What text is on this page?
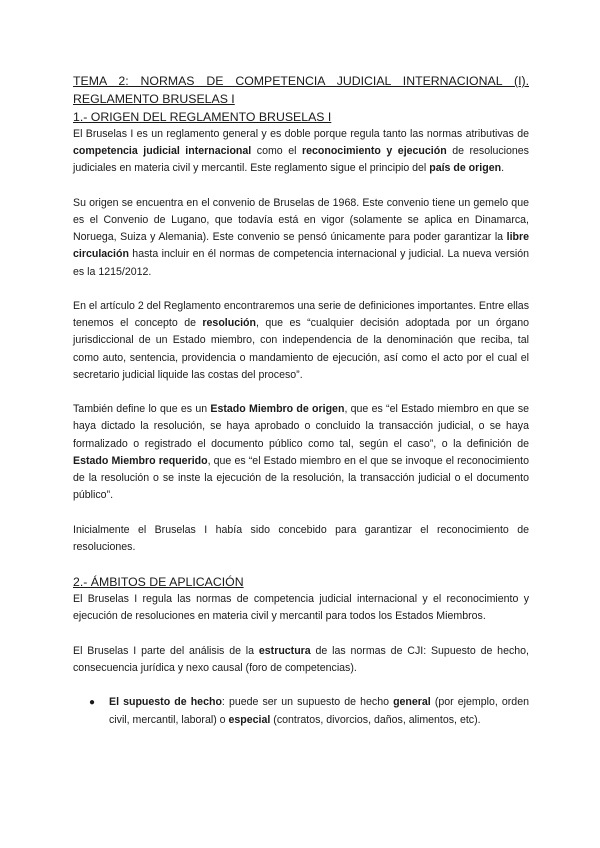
TEMA 2: NORMAS DE COMPETENCIA JUDICIAL INTERNACIONAL (I).
REGLAMENTO BRUSELAS I
1.- ORIGEN DEL REGLAMENTO BRUSELAS I

El Bruselas I es un reglamento general y es doble porque regula tanto las normas atributivas de competencia judicial internacional como el reconocimiento y ejecución de resoluciones judiciales en materia civil y mercantil. Este reglamento sigue el principio del país de origen.

Su origen se encuentra en el convenio de Bruselas de 1968. Este convenio tiene un gemelo que es el Convenio de Lugano, que todavía está en vigor (solamente se aplica en Dinamarca, Noruega, Suiza y Alemania). Este convenio se pensó únicamente para poder garantizar la libre circulación hasta incluir en él normas de competencia internacional y judicial. La nueva versión es la 1215/2012.

En el artículo 2 del Reglamento encontraremos una serie de definiciones importantes. Entre ellas tenemos el concepto de resolución, que es “cualquier decisión adoptada por un órgano jurisdiccional de un Estado miembro, con independencia de la denominación que reciba, tal como auto, sentencia, providencia o mandamiento de ejecución, así como el acto por el cual el secretario judicial liquide las costas del proceso”.

También define lo que es un Estado Miembro de origen, que es “el Estado miembro en que se haya dictado la resolución, se haya aprobado o concluido la transacción judicial, o se haya formalizado o registrado el documento público como tal, según el caso”, o la definición de Estado Miembro requerido, que es “el Estado miembro en el que se invoque el reconocimiento de la resolución o se inste la ejecución de la resolución, la transacción judicial o el documento público”.

Inicialmente el Bruselas I había sido concebido para garantizar el reconocimiento de resoluciones.

2.- ÁMBITOS DE APLICACIÓN

El Bruselas I regula las normas de competencia judicial internacional y el reconocimiento y ejecución de resoluciones en materia civil y mercantil para todos los Estados Miembros.

El Bruselas I parte del análisis de la estructura de las normas de CJI: Supuesto de hecho, consecuencia jurídica y nexo causal (foro de competencias).

● El supuesto de hecho: puede ser un supuesto de hecho general (por ejemplo, orden civil, mercantil, laboral) o especial (contratos, divorcios, daños, alimentos, etc).
